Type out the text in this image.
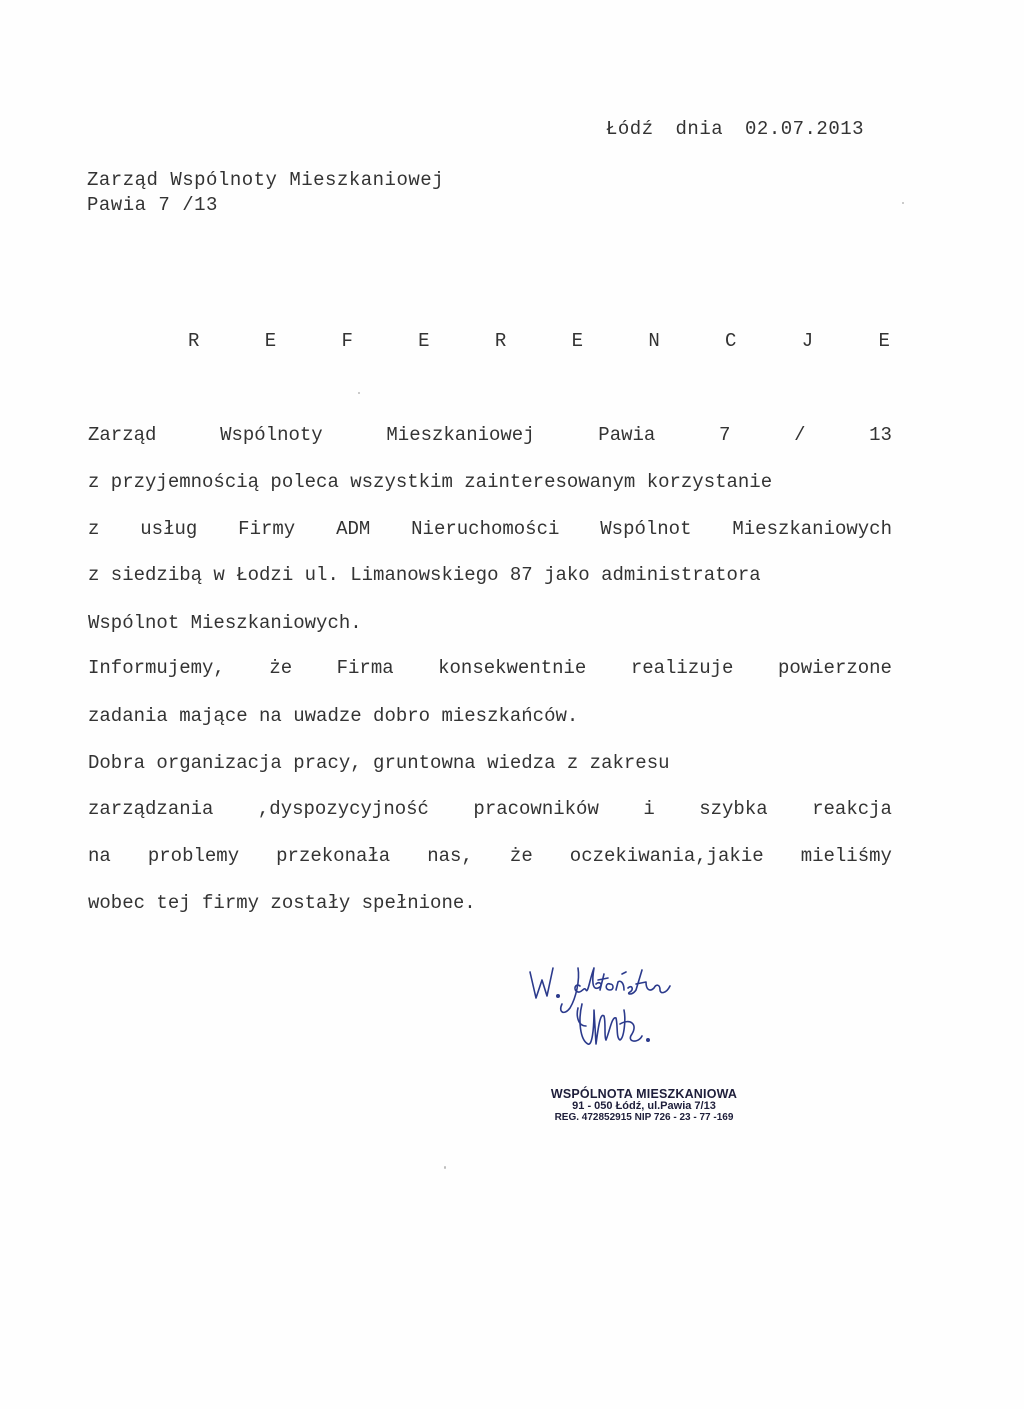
Łódź dnia 02.07.2013
Zarząd Wspólnoty Mieszkaniowej
Pawia 7 /13
R	E	F	E	R	E	N	C	J	E
Zarząd	Wspólnoty	Mieszkaniowej	Pawia	7	/	13
z przyjemnością poleca wszystkim zainteresowanym korzystanie
z usług Firmy ADM Nieruchomości Wspólnot Mieszkaniowych
z siedzibą w Łodzi ul. Limanowskiego 87 jako administratora
Wspólnot Mieszkaniowych.
Informujemy, że Firma konsekwentnie realizuje powierzone
zadania mające na uwadze dobro mieszkańców.
Dobra organizacja pracy, gruntowna wiedza z zakresu
zarządzania ,dyspozycyjność pracowników i szybka reakcja
na problemy przekonała nas, że oczekiwania,jakie mieliśmy
wobec tej firmy zostały spełnione.
WSPÓLNOTA MIESZKANIOWA
91 - 050 Łódź, ul.Pawia 7/13
REG. 472852915 NIP 726 - 23 - 77 -169
